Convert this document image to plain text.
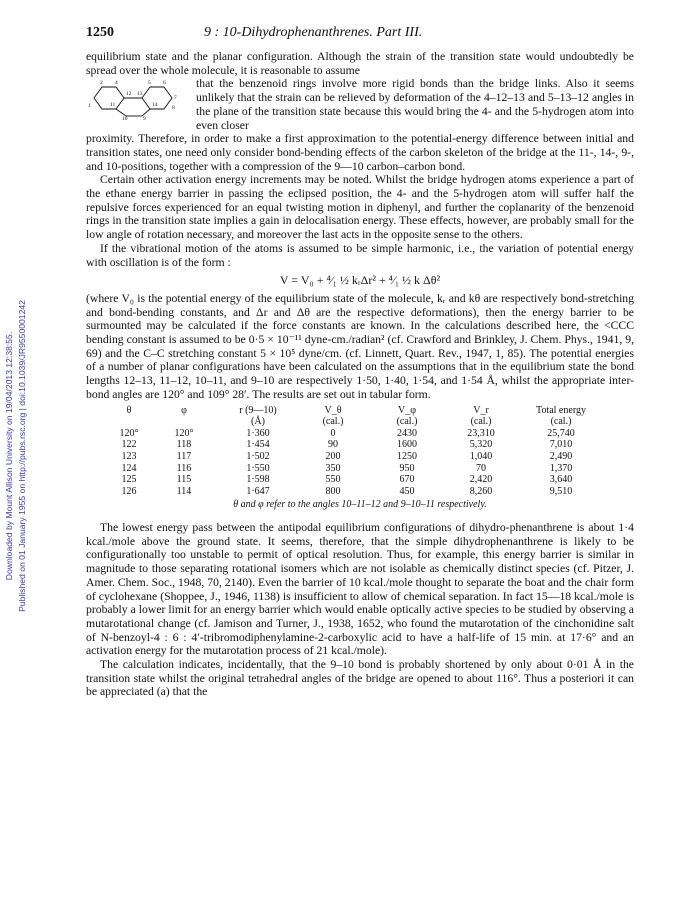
Downloaded by Mount Allison University on 19/04/2013 12:38:55. Published on 01 January 1955 on http://pubs.rsc.org | doi:10.1039/JR9550001242
1250	9 : 10-Dihydrophenanthrenes. Part III.

equilibrium state and the planar configuration. Although the strain of the transition state would undoubtedly be spread over the whole molecule, it is reasonable to assume

2 4	5 6
7
12 13
1	11	14	8
10	9

that the benzenoid rings involve more rigid bonds than the bridge links. Also it seems unlikely that the strain can be relieved by deformation of the 4–12–13 and 5–13–12 angles in the plane of the transition state because this would bring the 4- and the 5-hydrogen atom into even closer

proximity. Therefore, in order to make a first approximation to the potential-energy difference between initial and transition states, one need only consider bond-bending effects of the carbon skeleton of the bridge at the 11-, 14-, 9-, and 10-positions, together with a compression of the 9—10 carbon–carbon bond.

Certain other activation energy increments may be noted. Whilst the bridge hydrogen atoms experience a part of the ethane energy barrier in passing the eclipsed position, the 4- and the 5-hydrogen atom will suffer half the repulsive forces experienced for an equal twisting motion in diphenyl, and further the coplanarity of the benzenoid rings in the transition state implies a gain in delocalisation energy. These effects, however, are probably small for the low angle of rotation necessary, and moreover the last acts in the opposite sense to the others.

If the vibrational motion of the atoms is assumed to be simple harmonic, i.e., the variation of potential energy with oscillation is of the form :

V = V₀ + ⁴⁄₁ ½ kᵣΔr² + ⁴⁄₁ ½ k Δθ²

(where V₀ is the potential energy of the equilibrium state of the molecule, kᵣ and kθ are respectively bond-stretching and bond-bending constants, and Δr and Δθ are the respective deformations), then the energy barrier to be surmounted may be calculated if the force constants are known. In the calculations described here, the <CCC bending constant is assumed to be 0·5 × 10⁻¹¹ dyne-cm./radian² (cf. Crawford and Brinkley, J. Chem. Phys., 1941, 9, 69) and the C–C stretching constant 5 × 10⁵ dyne/cm. (cf. Linnett, Quart. Rev., 1947, 1, 85). The potential energies of a number of planar configurations have been calculated on the assumptions that in the equilibrium state the bond lengths 12–13, 11–12, 10–11, and 9–10 are respectively 1·50, 1·40, 1·54, and 1·54 Å, whilst the appropriate inter-bond angles are 120° and 109° 28′. The results are set out in tabular form.

θ	φ	r (9—10)	V_θ	V_φ	V_r	Total energy
		(Å)	(cal.)	(cal.)	(cal.)	(cal.)
120°	120°	1·360	0	2430	23,310	25,740
122	118	1·454	90	1600	5,320	7,010
123	117	1·502	200	1250	1,040	2,490
124	116	1·550	350	950	70	1,370
125	115	1·598	550	670	2,420	3,640
126	114	1·647	800	450	8,260	9,510
θ and φ refer to the angles 10–11–12 and 9–10–11 respectively.

The lowest energy pass between the antipodal equilibrium configurations of dihydro-phenanthrene is about 1·4 kcal./mole above the ground state. It seems, therefore, that the simple dihydrophenanthrene is likely to be configurationally too unstable to permit of optical resolution. Thus, for example, this energy barrier is similar in magnitude to those separating rotational isomers which are not isolable as chemically distinct species (cf. Pitzer, J. Amer. Chem. Soc., 1948, 70, 2140). Even the barrier of 10 kcal./mole thought to separate the boat and the chair form of cyclohexane (Shoppee, J., 1946, 1138) is insufficient to allow of chemical separation. In fact 15—18 kcal./mole is probably a lower limit for an energy barrier which would enable optically active species to be studied by observing a mutarotational change (cf. Jamison and Turner, J., 1938, 1652, who found the mutarotation of the cinchonidine salt of N-benzoyl-4 : 6 : 4′-tribromodiphenylamine-2-carboxylic acid to have a half-life of 15 min. at 17·6° and an activation energy for the mutarotation process of 21 kcal./mole).

The calculation indicates, incidentally, that the 9–10 bond is probably shortened by only about 0·01 Å in the transition state whilst the original tetrahedral angles of the bridge are opened to about 116°. Thus a posteriori it can be appreciated (a) that the
